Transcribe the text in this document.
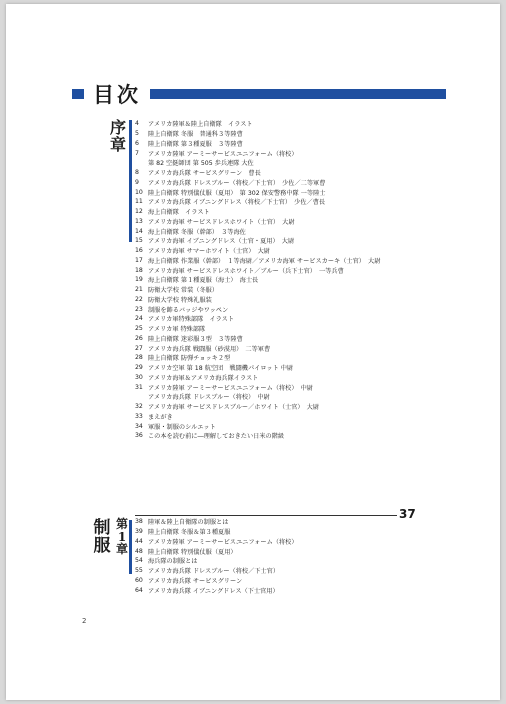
目次
序
章
4	アメリカ陸軍＆陸上自衛隊　イラスト
5	陸上自衛隊 冬服　普通科３等陸曹
6	陸上自衛隊 第３種夏服　３等陸曹
7	アメリカ陸軍 アーミーサービスユニフォーム（将校）
第 82 空挺師団 第 505 歩兵連隊 大佐
8	アメリカ海兵隊 サービスグリーン　曹長
9	アメリカ海兵隊 ドレスブルー（将校／下士官）　少佐／二等軍曹
10 陸上自衛隊 特別儀仗服（夏用）　第 302 保安警務中隊 一等陸士
11 アメリカ海兵隊 イブニングドレス（将校／下士官）　少佐／曹長
12 海上自衛隊　イラスト
13 アメリカ海軍 サービスドレスホワイト（士官）　大尉
14 海上自衛隊 冬服（幹部）　３等海佐
15 アメリカ海軍 イブニングドレス（士官・夏用）　大尉
16 アメリカ海軍 サマーホワイト（士官）　大尉
17 海上自衛隊 作業服（幹部）　１等海尉／アメリカ海軍 サービスカーキ（士官）　大尉
18 アメリカ海軍 サービスドレスホワイト／ブルー（兵下士官）　一等兵曹
19 海上自衛隊 第１種夏服（海士）　海士長
21 防衛大学校 常装（冬服）
22 防衛大学校 特殊礼服装
23 制服を飾るバッジやワッペン
24 アメリカ軍特殊部隊　イラスト
25 アメリカ軍 特殊部隊
26 陸上自衛隊 迷彩服３型　３等陸曹
27 アメリカ海兵隊 戦闘服（砂漠用）　二等軍曹
28 陸上自衛隊 防弾チョッキ２型
29 アメリカ空軍 第 18 航空団　戦闘機パイロット 中尉
30 アメリカ海軍＆アメリカ海兵隊イラスト
31 アメリカ陸軍 アーミーサービスユニフォーム（将校）　中尉
アメリカ海兵隊 ドレスブルー（将校）　中尉
32 アメリカ海軍 サービスドレスブルー／ホワイト（士官）　大尉
33 まえがき
34 軍服・制服のシルエット
36 この本を読む前に―理解しておきたい日米の階級
37
制
服
第
1
章
38 陸軍＆陸上自衛隊の制服とは
39 陸上自衛隊 冬服＆第３種夏服
44 アメリカ陸軍 アーミーサービスユニフォーム（将校）
48 陸上自衛隊 特別儀仗服（夏用）
54 海兵隊の制服とは
55 アメリカ海兵隊 ドレスブルー（将校／下士官）
60 アメリカ海兵隊 サービスグリーン
64 アメリカ海兵隊 イブニングドレス（下士官用）
2
